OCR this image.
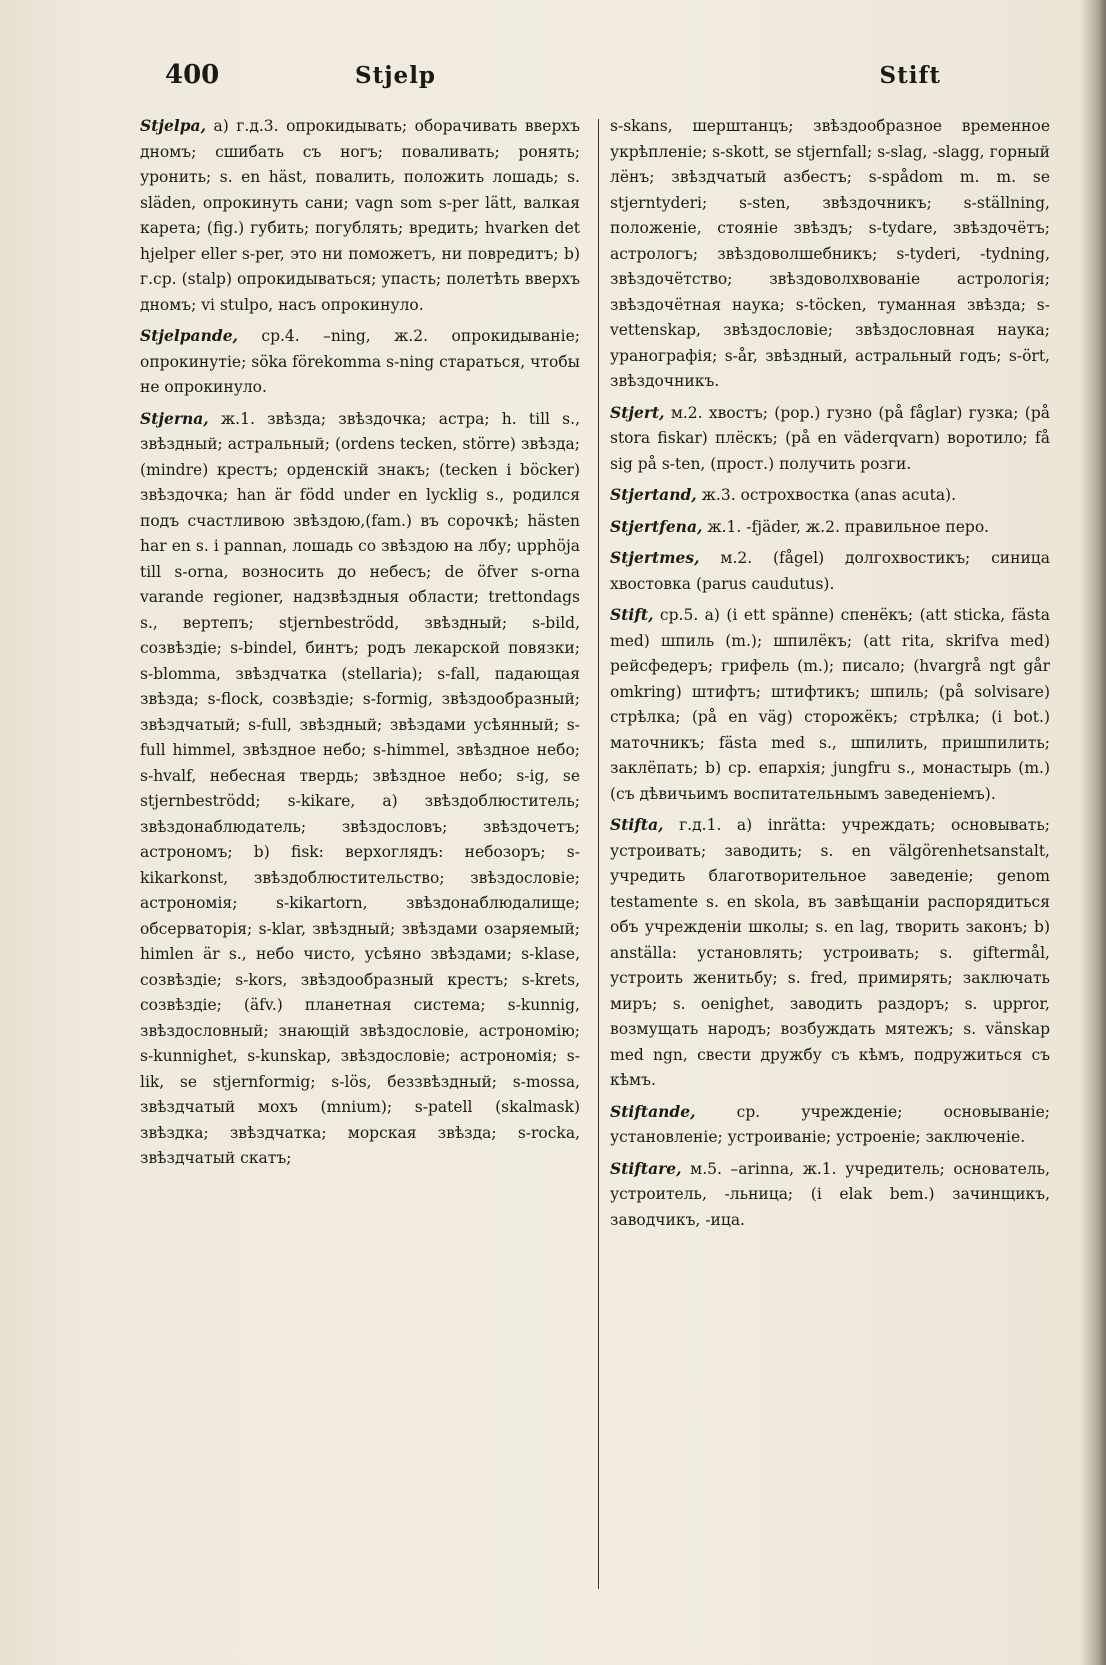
400	Stjelp	Stift

Stjelpa, a) г.д.3. опрокидывать; оборачивать вверхъ дномъ; сшибать съ ногъ; поваливать; ронять; уронить; s. en häst, повалить, положить лошадь; s. släden, опрокинуть сани; vagn som s-per lätt, валкая карета; (fig.) губить; погублять; вредить; hvarken det hjelper eller s-per, это ни поможетъ, ни повредитъ; b) г.ср. (stalp) опрокидываться; упасть; полетѣть вверхъ дномъ; vi stulpo, насъ опрокинуло.

Stjelpande, ср.4. –ning, ж.2. опрокидываніе; опрокинутіе; söka förekomma s-ning стараться, чтобы не опрокинуло.

Stjerna, ж.1. звѣзда; звѣздочка; астра; h. till s., звѣздный; астральный; (ordens tecken, större) звѣзда; (mindre) крестъ; орденскій знакъ; (tecken i böcker) звѣздочка; han är född under en lycklig s., родился подъ счастливою звѣздою,(fam.) въ сорочкѣ; hästen har en s. i pannan, лошадь со звѣздою на лбу; upphöja till s-orna, возносить до небесъ; de öfver s-orna varande regioner, надзвѣздныя области; trettondags s., вертепъ; stjernbeströdd, звѣздный; s-bild, созвѣздіе; s-bindel, бинтъ; родъ лекарской повязки; s-blomma, звѣздчатка (stellaria); s-fall, падающая звѣзда; s-flock, созвѣздіе; s-formig, звѣздообразный; звѣздчатый; s-full, звѣздный; звѣздами усѣянный; s-full himmel, звѣздное небо; s-himmel, звѣздное небо; s-hvalf, небесная твердь; звѣздное небо; s-ig, se stjernbeströdd; s-kikare, a) звѣздоблюститель; звѣздонаблюдатель; звѣздословъ; звѣздочетъ; астрономъ; b) fisk: верхоглядъ: небозоръ; s-kikarkonst, звѣздоблюстительство; звѣздословіе; астрономія; s-kikartorn, звѣздонаблюдалище; обсерваторія; s-klar, звѣздный; звѣздами озаряемый; himlen är s., небо чисто, усѣяно звѣздами; s-klase, созвѣздіе; s-kors, звѣздообразный крестъ; s-krets, созвѣздіе; (äfv.) планетная система; s-kunnig, звѣздословный; знающій звѣздословіе, астрономію; s-kunnighet, s-kunskap, звѣздословіе; астрономія; s-lik, se stjernformig; s-lös, беззвѣздный; s-mossa, звѣздчатый мохъ (mnium); s-patell (skalmask) звѣздка; звѣздчатка; морская звѣзда; s-rocka, звѣздчатый скатъ;

s-skans, шерштанцъ; звѣздообразное временное укрѣпленіе; s-skott, se stjernfall; s-slag, -slagg, горный лёнъ; звѣздчатый азбестъ; s-spådom m. m. se stjerntyderi; s-sten, звѣздочникъ; s-ställning, положеніе, стояніе звѣздъ; s-tydare, звѣздочётъ; астрологъ; звѣздоволшебникъ; s-tyderi, -tydning, звѣздочётство; звѣздоволхвованіе астрологія; звѣздочётная наука; s-töcken, туманная звѣзда; s-vettenskap, звѣздословіе; звѣздословная наука; уранографія; s-år, звѣздный, астральный годъ; s-ört, звѣздочникъ.

Stjert, м.2. хвостъ; (pop.) гузно (på fåglar) гузка; (på stora fiskar) плёскъ; (på en väderqvarn) воротило; få sig på s-ten, (прост.) получить розги.

Stjertand, ж.3. острохвостка (anas acuta).

Stjertfena, ж.1. -fjäder, ж.2. правильное перо.

Stjertmes, м.2. (fågel) долгохвостикъ; синица хвостовка (parus caudutus).

Stift, ср.5. a) (i ett spänne) спенёкъ; (att sticka, fästa med) шпиль (m.); шпилёкъ; (att rita, skrifva med) рейсфедеръ; грифель (m.); писало; (hvargrå ngt går omkring) штифтъ; штифтикъ; шпиль; (på solvisare) стрѣлка; (på en väg) сторожёкъ; стрѣлка; (i bot.) маточникъ; fästa med s., шпилить, пришпилить; заклёпать; b) ср. епархія; jungfru s., монастырь (m.) (съ дѣвичьимъ воспитательнымъ заведеніемъ).

Stifta, г.д.1. a) inrätta: учреждать; основывать; устроивать; заводить; s. en välgörenhetsanstalt, учредить благотворительное заведеніе; genom testamente s. en skola, въ завѣщаніи распорядиться объ учрежденіи школы; s. en lag, творить законъ; b) anställa: установлять; устроивать; s. giftermål, устроить женитьбу; s. fred, примирять; заключать миръ; s. oenighet, заводить раздоръ; s. uppror, возмущать народъ; возбуждать мятежъ; s. vänskap med ngn, свести дружбу съ кѣмъ, подружиться съ кѣмъ.

Stiftande,	ср. учрежденіе; основываніе; установленіе; устроиваніе; устроеніе; заключеніе.

Stiftare, м.5. –arinna, ж.1. учредитель; основатель, устроитель, -льница; (i elak bem.) зачинщикъ, заводчикъ, -ица.
